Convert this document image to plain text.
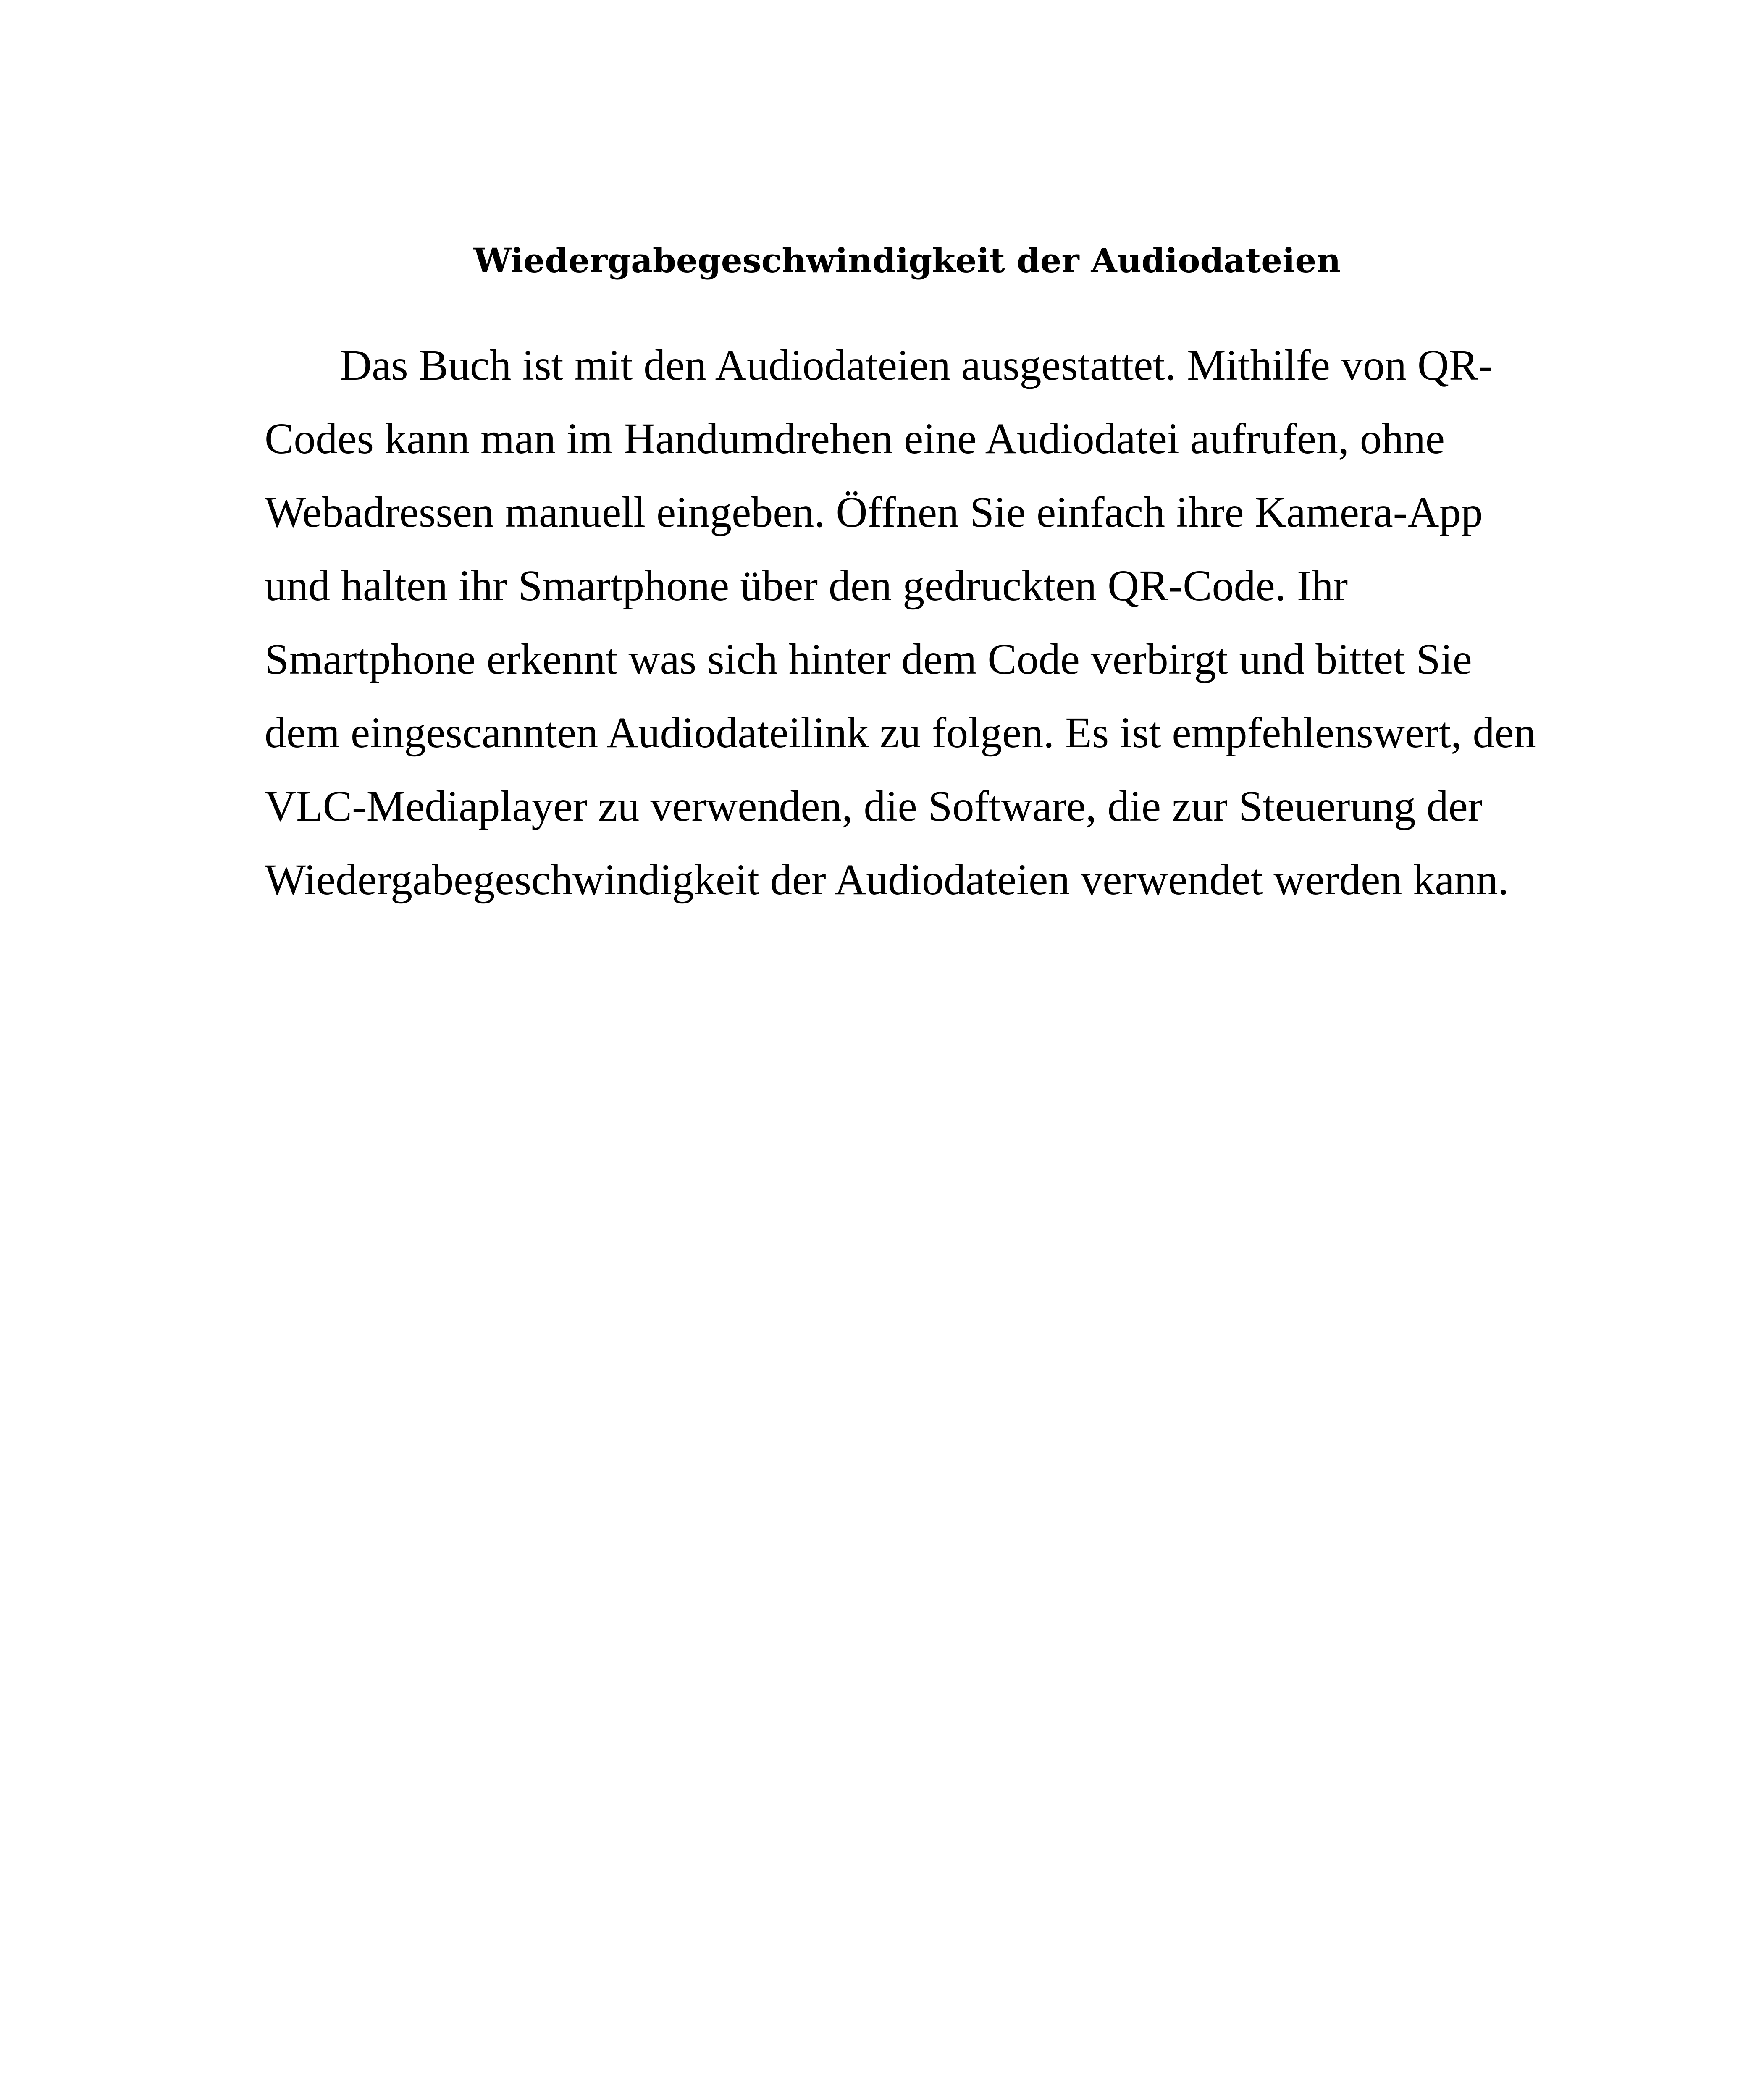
Wiedergabegeschwindigkeit der Audiodateien
Das Buch ist mit den Audiodateien ausgestattet. Mithilfe von QR-
Codes kann man im Handumdrehen eine Audiodatei aufrufen, ohne
Webadressen manuell eingeben. Öffnen Sie einfach ihre Kamera-App
und halten ihr Smartphone über den gedruckten QR-Code. Ihr
Smartphone erkennt was sich hinter dem Code verbirgt und bittet Sie
dem eingescannten Audiodateilink zu folgen. Es ist empfehlenswert, den
VLC-Mediaplayer zu verwenden, die Software, die zur Steuerung der
Wiedergabegeschwindigkeit der Audiodateien verwendet werden kann.
